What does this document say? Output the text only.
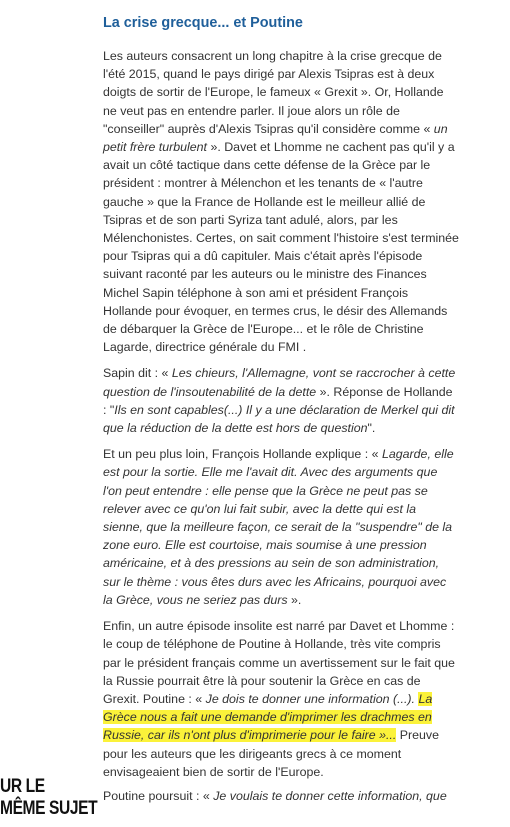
La crise grecque... et Poutine

Les auteurs consacrent un long chapitre à la crise grecque de l'été 2015, quand le pays dirigé par Alexis Tsipras est à deux doigts de sortir de l'Europe, le fameux « Grexit ». Or, Hollande ne veut pas en entendre parler. Il joue alors un rôle de "conseiller" auprès d'Alexis Tsipras qu'il considère comme « un petit frère turbulent ». Davet et Lhomme ne cachent pas qu'il y a avait un côté tactique dans cette défense de la Grèce par le président : montrer à Mélenchon et les tenants de « l'autre gauche » que la France de Hollande est le meilleur allié de Tsipras et de son parti Syriza tant adulé, alors, par les Mélenchonistes. Certes, on sait comment l'histoire s'est terminée pour Tsipras qui a dû capituler. Mais c'était après l'épisode suivant raconté par les auteurs ou le ministre des Finances Michel Sapin téléphone à son ami et président François Hollande pour évoquer, en termes crus, le désir des Allemands de débarquer la Grèce de l'Europe... et le rôle de Christine Lagarde, directrice générale du FMI .

Sapin dit : « Les chieurs, l'Allemagne, vont se raccrocher à cette question de l'insoutenabilité de la dette ». Réponse de Hollande : "Ils en sont capables(...) Il y a une déclaration de Merkel qui dit que la réduction de la dette est hors de question".

Et un peu plus loin, François Hollande explique : « Lagarde, elle est pour la sortie. Elle me l'avait dit. Avec des arguments que l'on peut entendre : elle pense que la Grèce ne peut pas se relever avec ce qu'on lui fait subir, avec la dette qui est la sienne, que la meilleure façon, ce serait de la "suspendre" de la zone euro. Elle est courtoise, mais soumise à une pression américaine, et à des pressions au sein de son administration, sur le thème : vous êtes durs avec les Africains, pourquoi avec la Grèce, vous ne seriez pas durs ».

Enfin, un autre épisode insolite est narré par Davet et Lhomme : le coup de téléphone de Poutine à Hollande, très vite compris par le président français comme un avertissement sur le fait que la Russie pourrait être là pour soutenir la Grèce en cas de Grexit. Poutine : « Je dois te donner une information (...). La Grèce nous a fait une demande d'imprimer les drachmes en Russie, car ils n'ont plus d'imprimerie pour le faire »... Preuve pour les auteurs que les dirigeants grecs à ce moment envisageaient bien de sortir de l'Europe.

Poutine poursuit : « Je voulais te donner cette information, que

UR LE
MÊME SUJET
